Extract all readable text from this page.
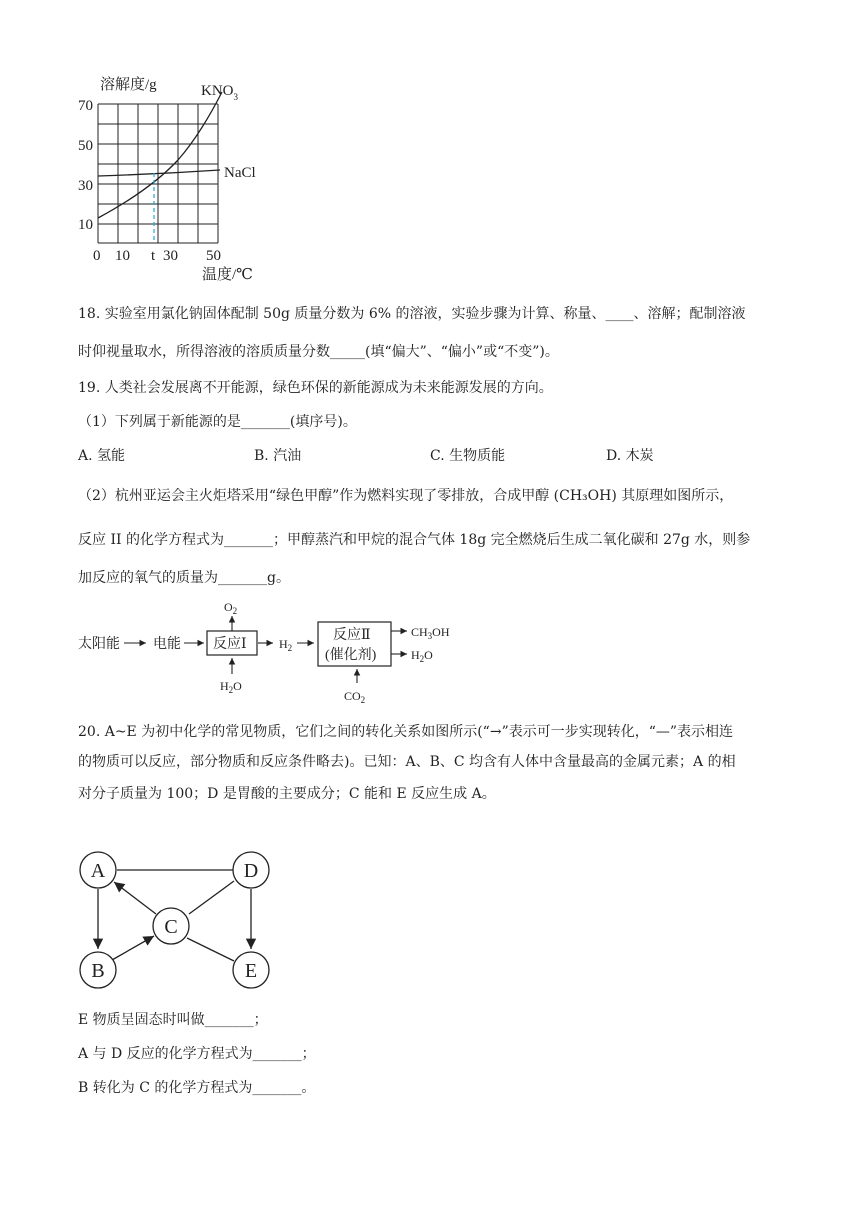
溶解度/g	$KNO_3$
NaCl
70
50
30
10
0 10 t 30 50
温度/℃
18. 实验室用氯化钠固体配制 50g 质量分数为 6% 的溶液，实验步骤为计算、称量、____、溶解；配制溶液
时仰视量取水，所得溶液的溶质质量分数_____(填“偏大”、“偏小”或“不变”)。
19. 人类社会发展离不开能源，绿色环保的新能源成为未来能源发展的方向。
（1）下列属于新能源的是_______(填序号)。
A. 氢能	B. 汽油	C. 生物质能	D. 木炭
（2）杭州亚运会主火炬塔采用“绿色甲醇”作为燃料实现了零排放，合成甲醇 (CH₃OH) 其原理如图所示，
反应 II 的化学方程式为_______；甲醇蒸汽和甲烷的混合气体 18g 完全燃烧后生成二氧化碳和 27g 水，则参
加反应的氧气的质量为_______g。
太阳能 电能 反应Ⅰ
$O_2$
$H_2O$
$H_2$
反应Ⅱ
(催化剂)
$CH_3OH$
$H_2O$
$CO_2$
20. A~E 为初中化学的常见物质，它们之间的转化关系如图所示(“→”表示可一步实现转化，“—”表示相连
的物质可以反应，部分物质和反应条件略去)。已知：A、B、C 均含有人体中含量最高的金属元素；A 的相
对分子质量为 100；D 是胃酸的主要成分；C 能和 E 反应生成 A。
A
B
C
D
E
E 物质呈固态时叫做_______；
A 与 D 反应的化学方程式为_______；
B 转化为 C 的化学方程式为_______。
